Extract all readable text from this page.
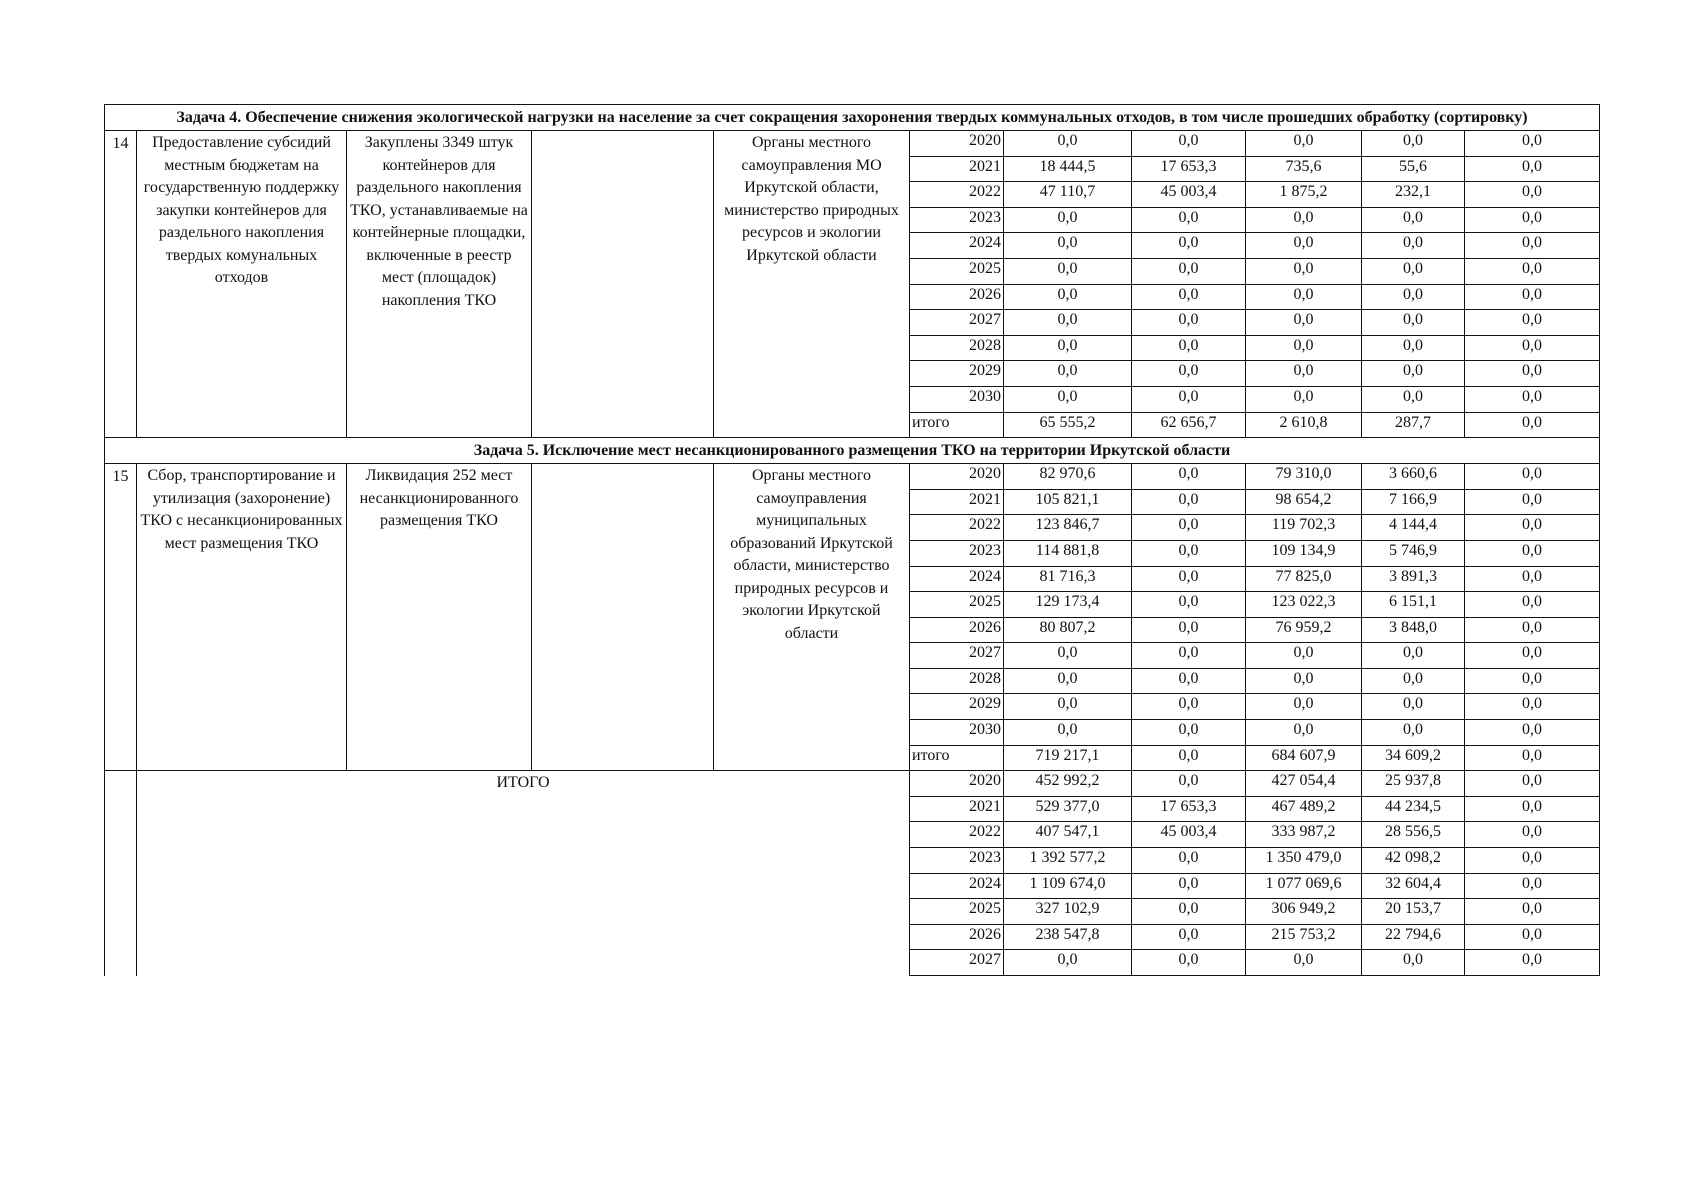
Задача 4. Обеспечение снижения экологической нагрузки на население за счет сокращения захоронения твердых коммунальных отходов, в том числе прошедших обработку (сортировку)										
14	Предоставление субсидий местным бюджетам на государственную поддержку закупки контейнеров для раздельного накопления твердых комунальных отходов	Закуплены 3349 штук контейнеров для раздельного накопления ТКО, устанавливаемые на контейнерные площадки, включенные в реестр мест (площадок) накопления ТКО		Органы местного самоуправления МО Иркутской области, министерство природных ресурсов и экологии Иркутской области	2020	0,0	0,0	0,0	0,0	0,0
					2021	18 444,5	17 653,3	735,6	55,6	0,0
					2022	47 110,7	45 003,4	1 875,2	232,1	0,0
					2023	0,0	0,0	0,0	0,0	0,0
					2024	0,0	0,0	0,0	0,0	0,0
					2025	0,0	0,0	0,0	0,0	0,0
					2026	0,0	0,0	0,0	0,0	0,0
					2027	0,0	0,0	0,0	0,0	0,0
					2028	0,0	0,0	0,0	0,0	0,0
					2029	0,0	0,0	0,0	0,0	0,0
					2030	0,0	0,0	0,0	0,0	0,0
					итого	65 555,2	62 656,7	2 610,8	287,7	0,0
Задача 5. Исключение мест несанкционированного размещения ТКО на территории Иркутской области										
15	Сбор, транспортирование и утилизация (захоронение) ТКО с несанкционированных мест размещения ТКО	Ликвидация 252 мест несанкционированного размещения ТКО		Органы местного самоуправления муниципальных образований Иркутской области, министерство природных ресурсов и экологии Иркутской области	2020	82 970,6	0,0	79 310,0	3 660,6	0,0
					2021	105 821,1	0,0	98 654,2	7 166,9	0,0
					2022	123 846,7	0,0	119 702,3	4 144,4	0,0
					2023	114 881,8	0,0	109 134,9	5 746,9	0,0
					2024	81 716,3	0,0	77 825,0	3 891,3	0,0
					2025	129 173,4	0,0	123 022,3	6 151,1	0,0
					2026	80 807,2	0,0	76 959,2	3 848,0	0,0
					2027	0,0	0,0	0,0	0,0	0,0
					2028	0,0	0,0	0,0	0,0	0,0
					2029	0,0	0,0	0,0	0,0	0,0
					2030	0,0	0,0	0,0	0,0	0,0
					итого	719 217,1	0,0	684 607,9	34 609,2	0,0
	ИТОГО				2020	452 992,2	0,0	427 054,4	25 937,8	0,0
					2021	529 377,0	17 653,3	467 489,2	44 234,5	0,0
					2022	407 547,1	45 003,4	333 987,2	28 556,5	0,0
					2023	1 392 577,2	0,0	1 350 479,0	42 098,2	0,0
					2024	1 109 674,0	0,0	1 077 069,6	32 604,4	0,0
					2025	327 102,9	0,0	306 949,2	20 153,7	0,0
					2026	238 547,8	0,0	215 753,2	22 794,6	0,0
					2027	0,0	0,0	0,0	0,0	0,0
